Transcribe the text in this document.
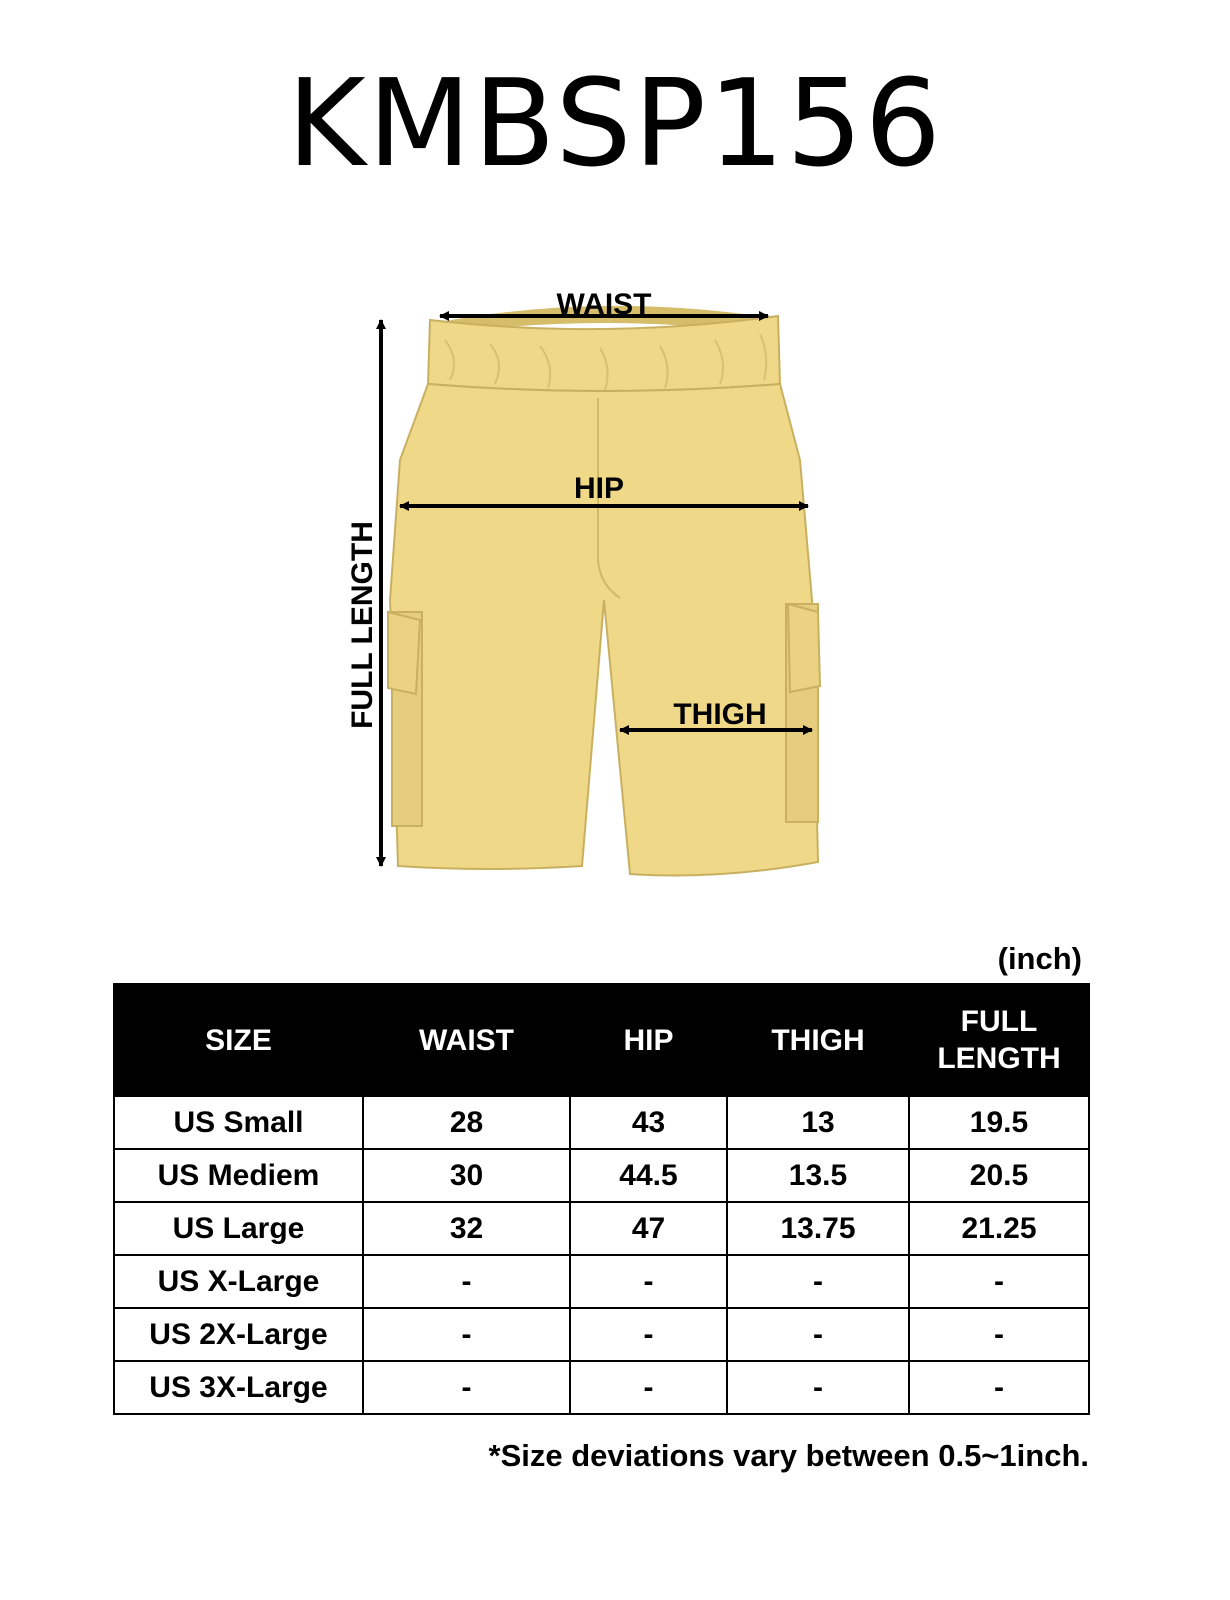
KMBSP156
WAIST
HIP
THIGH
FULL LENGTH
(inch)
SIZE	WAIST	HIP	THIGH	FULL
LENGTH
US Small	28	43	13	19.5
US Mediem	30	44.5	13.5	20.5
US Large	32	47	13.75	21.25
US X-Large	-	-	-	-
US 2X-Large	-	-	-	-
US 3X-Large	-	-	-	-
*Size deviations vary between 0.5~1inch.
